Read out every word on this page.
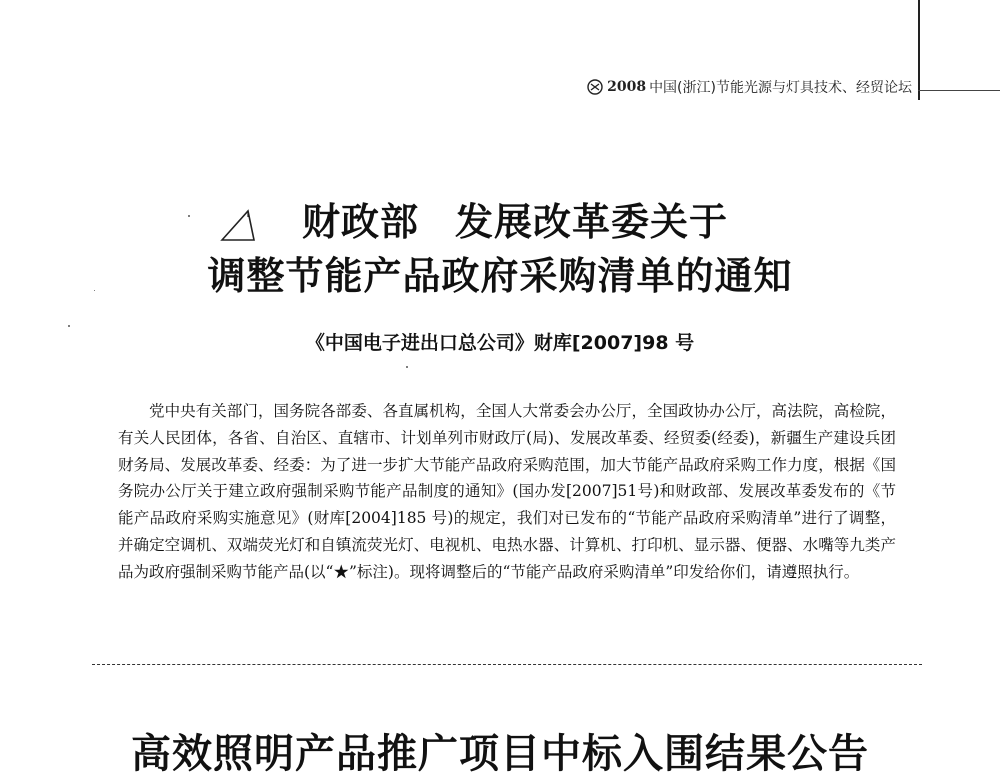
2008 中国(浙江)节能光源与灯具技术、经贸论坛
财政部 发展改革委关于
调整节能产品政府采购清单的通知
《中国电子进出口总公司》财库[2007]98 号
党中央有关部门，国务院各部委、各直属机构，全国人大常委会办公厅，全国政协办公厅，高法院，高检院，有关人民团体，各省、自治区、直辖市、计划单列市财政厅(局)、发展改革委、经贸委(经委)，新疆生产建设兵团财务局、发展改革委、经委：为了进一步扩大节能产品政府采购范围，加大节能产品政府采购工作力度，根据《国务院办公厅关于建立政府强制采购节能产品制度的通知》(国办发[2007]51号)和财政部、发展改革委发布的《节能产品政府采购实施意见》(财库[2004]185 号)的规定，我们对已发布的“节能产品政府采购清单”进行了调整，并确定空调机、双端荧光灯和自镇流荧光灯、电视机、电热水器、计算机、打印机、显示器、便器、水嘴等九类产品为政府强制采购节能产品(以“★”标注)。现将调整后的“节能产品政府采购清单”印发给你们，请遵照执行。
高效照明产品推广项目中标入围结果公告
